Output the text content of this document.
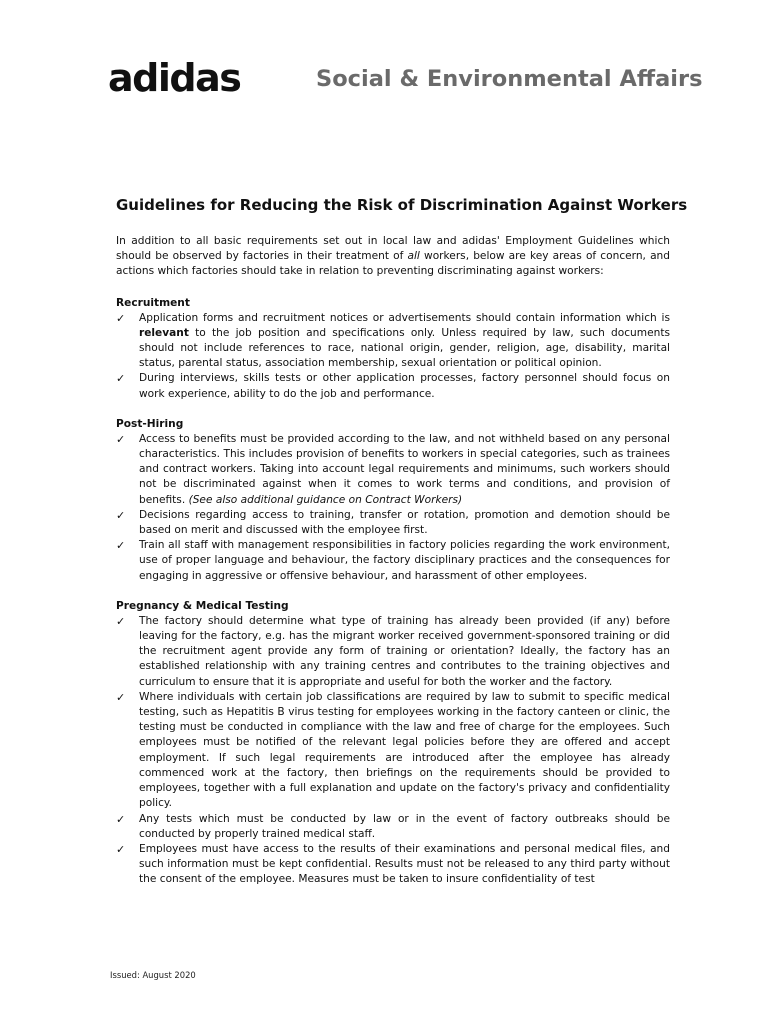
adidas	Social & Environmental Affairs
Guidelines for Reducing the Risk of Discrimination Against Workers

In addition to all basic requirements set out in local law and adidas' Employment Guidelines which should be observed by factories in their treatment of all workers, below are key areas of concern, and actions which factories should take in relation to preventing discriminating against workers:

Recruitment
✓ Application forms and recruitment notices or advertisements should contain information which is relevant to the job position and specifications only. Unless required by law, such documents should not include references to race, national origin, gender, religion, age, disability, marital status, parental status, association membership, sexual orientation or political opinion.
✓ During interviews, skills tests or other application processes, factory personnel should focus on work experience, ability to do the job and performance.
Post-Hiring
✓ Access to benefits must be provided according to the law, and not withheld based on any personal characteristics. This includes provision of benefits to workers in special categories, such as trainees and contract workers. Taking into account legal requirements and minimums, such workers should not be discriminated against when it comes to work terms and conditions, and provision of benefits. (See also additional guidance on Contract Workers)
✓ Decisions regarding access to training, transfer or rotation, promotion and demotion should be based on merit and discussed with the employee first.
✓ Train all staff with management responsibilities in factory policies regarding the work environment, use of proper language and behaviour, the factory disciplinary practices and the consequences for engaging in aggressive or offensive behaviour, and harassment of other employees.
Pregnancy & Medical Testing
✓ The factory should determine what type of training has already been provided (if any) before leaving for the factory, e.g. has the migrant worker received government-sponsored training or did the recruitment agent provide any form of training or orientation? Ideally, the factory has an established relationship with any training centres and contributes to the training objectives and curriculum to ensure that it is appropriate and useful for both the worker and the factory.
✓ Where individuals with certain job classifications are required by law to submit to specific medical testing, such as Hepatitis B virus testing for employees working in the factory canteen or clinic, the testing must be conducted in compliance with the law and free of charge for the employees. Such employees must be notified of the relevant legal policies before they are offered and accept employment. If such legal requirements are introduced after the employee has already commenced work at the factory, then briefings on the requirements should be provided to employees, together with a full explanation and update on the factory's privacy and confidentiality policy.
✓ Any tests which must be conducted by law or in the event of factory outbreaks should be conducted by properly trained medical staff.
✓ Employees must have access to the results of their examinations and personal medical files, and such information must be kept confidential. Results must not be released to any third party without the consent of the employee. Measures must be taken to insure confidentiality of test
Issued: August 2020
